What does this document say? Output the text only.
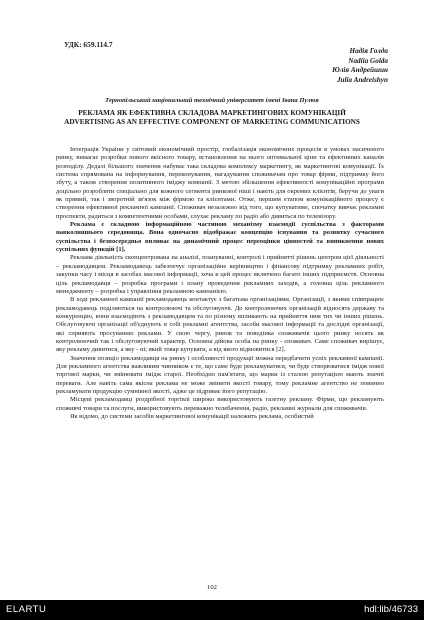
УДК: 659.114.7
Надія Голда
Nadiia Golda
Юлія Андрейшин
Julia Andreishyn
Тернопільський національний технічний університет імені Івана Пулюя
РЕКЛАМА ЯК ЕФЕКТИВНА СКЛАДОВА МАРКЕТИНГОВИХ КОМУНІКАЦІЙ
ADVERTISING AS AN EFFECTIVE COMPONENT OF MARKETING COMMUNICATIONS

Інтеграція України у світовий економічний простір, глобалізація економічних процесів в умовах насиченого ринку, вимагає розробки нового якісного товару, встановлення на нього оптимальної ціни та ефективних каналів розподілу. Дедалі більшого значення набуває така складова комплексу маркетингу, як маркетингові комунікації. Їх система спрямована на інформування, переконування, нагадування споживачам про товар фірми, підтримку його збуту, а також створення позитивного іміджу компанії. З метою збільшення ефективності комунікаційні програми доцільно розробляти спеціально для кожного сегмента ринкової ніші і навіть для окремих клієнтів, беручи до уваги як прямий, так і зворотній зв'язок між фірмою та клієнтами. Отже, першим етапом комунікаційного процесу є створення ефективної рекламної кампанії. Споживач незалежно від того, що купуватиме, спочатку вивчає рекламні проспекти, радиться з компетентними особами, слухає рекламу по радіо або дивиться по телевізору.

Реклама є складною інформаційною частиною механізму взаємодії суспільства з факторами навколишнього середовища. Вона одночасно відображає концепцію існування та розвитку сучасного суспільства і безпосередньо впливає на динамічний процес переоцінки цінностей та виникнення нових суспільних функцій [1].

Реклама діяльність сконцентрована на аналізі, плануванні, контролі і прийнятті рішень центром цієї діяльності – рекламодавцем. Рекламодавець забезпечує організаційне керівництво і фінансову підтримку рекламних робіт, закупки часу і місця в засобах масової інформації, хоча в цей процес включено багато інших підприємств. Основна ціль рекламодавця – розробка програми і плану проведення рекламних заходів, а головна ціль рекламного менеджменту – розробка і управління рекламною кампанією.

В ході рекламної кампанії рекламодавець контактує з багатьма організаціями. Організації, з якими співпрацює рекламодавець поділяються на контролюючі та обслуговуючі. До контролюючих організацій відносять державу та конкуренцію, вони взаємодіють з рекламодавцем та по різному впливають на прийняття ним тих чи інших рішень. Обслуговуючі організації об'єднують в собі рекламні агентства, засоби масової інформації та дослідні організації, які сприяють просуванню реклами. У свою чергу, ринок та поведінка споживачів цього ринку носять як контролюючий так і обслуговуючий характер. Основна дійова особа на ринку - споживач. Саме споживач вирішує, яку рекламу дивитися, а яку - ні; який товар купувати, а від якого відмовитися [2].

Значення позиціо рекламодавця на ринку і особливості продукції можна передбачити успіх рекламної кампанії. Для рекламного агентства важливим чинником є те, що саме буде рекламуватися, чи буде створюватися імідж нової торгової марки, чи змінювати імідж старої. Необхідно пам'ятати, що марки із сталою репутацією мають значні переваги. Але навіть сама якісна реклама не може змінити якості товару, тому рекламне агентство не повинно рекламувати продукцію сумнівної якості, адже це підриває його репутацію.

Місцеві рекламодавці роздрібної торгівлі широко використовують газетну рекламу. Фірми, що рекламують споживчі товари та послуги, використовують переважно телебачення, радіо, рекламні журнали для споживачів.

Як відомо, до системи засобів маркетингової комунікації належить реклама, особистий

102
ELARTU	hdl:lib/46733
